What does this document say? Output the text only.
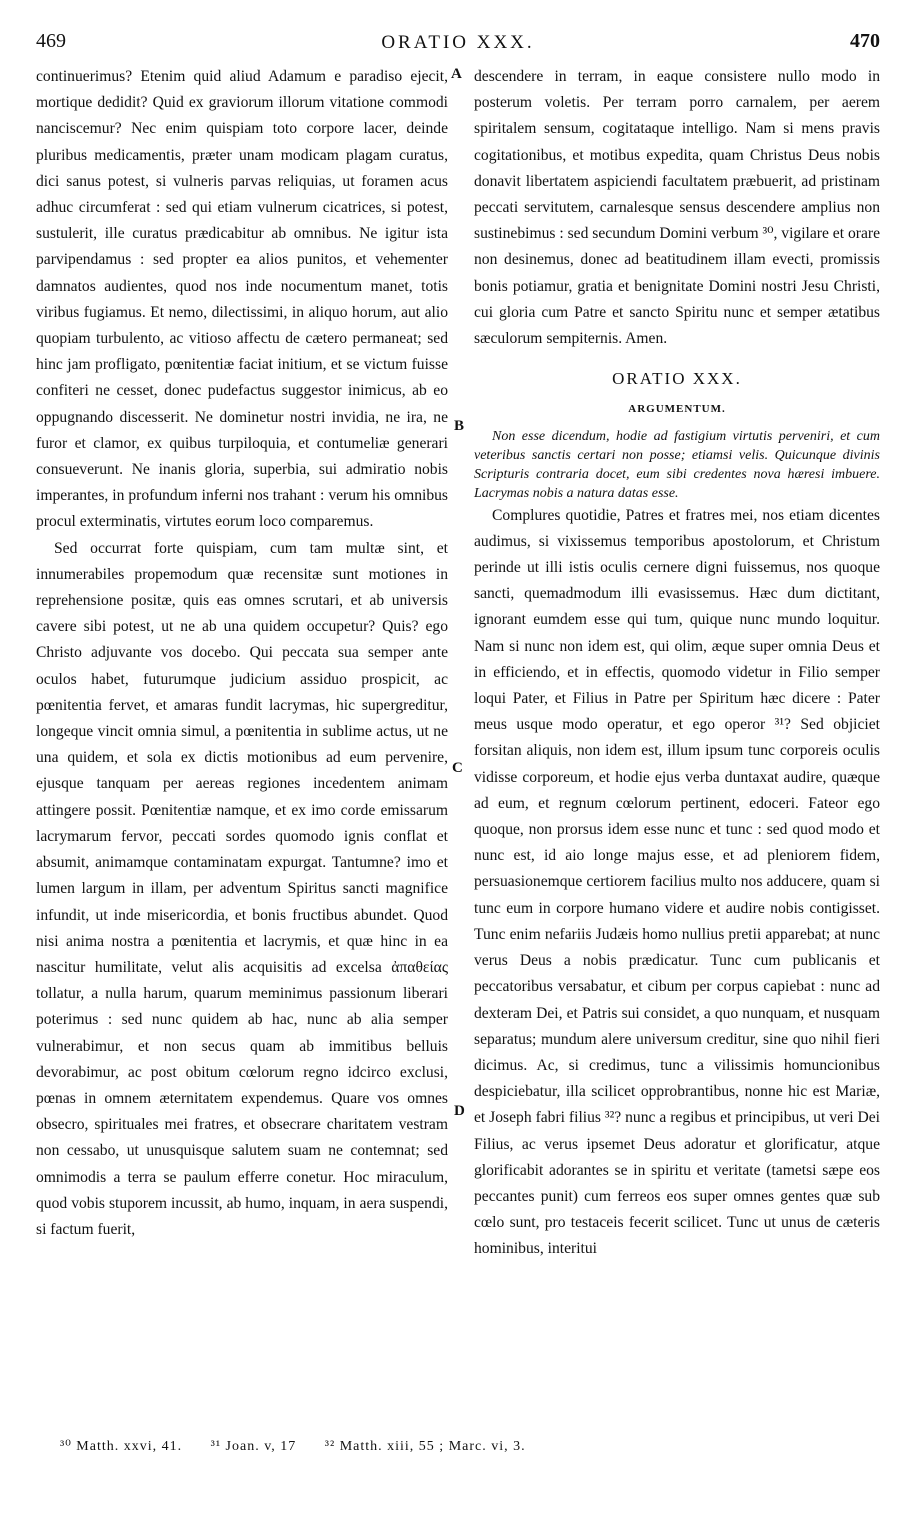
469	ORATIO XXX.	470

continuerimus? Etenim quid aliud Adamum e paradiso ejecit, mortique dedidit? Quid ex graviorum illorum vitatione commodi nanciscemur? Nec enim quispiam toto corpore lacer, deinde pluribus medicamentis, præter unam modicam plagam curatus, dici sanus potest, si vulneris parvas reliquias, ut foramen acus adhuc circumferat : sed qui etiam vulnerum cicatrices, si potest, sustulerit, ille curatus prædicabitur ab omnibus. Ne igitur ista parvipendamus : sed propter ea alios punitos, et vehementer damnatos audientes, quod nos inde nocumentum manet, totis viribus fugiamus. Et nemo, dilectissimi, in aliquo horum, aut alio quopiam turbulento, ac vitioso affectu de cætero permaneat; sed hinc jam profligato, pœnitentiæ faciat initium, et se victum fuisse confiteri ne cesset, donec pudefactus suggestor inimicus, ab eo oppugnando discesserit. Ne dominetur nostri invidia, ne ira, ne furor et clamor, ex quibus turpiloquia, et contumeliæ generari consueverunt. Ne inanis gloria, superbia, sui admiratio nobis imperantes, in profundum inferni nos trahant : verum his omnibus procul exterminatis, virtutes eorum loco comparemus.

Sed occurrat forte quispiam, cum tam multæ sint, et innumerabiles propemodum quæ recensitæ sunt motiones in reprehensione positæ, quis eas omnes scrutari, et ab universis cavere sibi potest, ut ne ab una quidem occupetur? Quis? ego Christo adjuvante vos docebo. Qui peccata sua semper ante oculos habet, futurumque judicium assiduo prospicit, ac pœnitentia fervet, et amaras fundit lacrymas, hic supergreditur, longeque vincit omnia simul, a pœnitentia in sublime actus, ut ne una quidem, et sola ex dictis motionibus ad eum pervenire, ejusque tanquam per aereas regiones incedentem animam attingere possit. Pœnitentiæ namque, et ex imo corde emissarum lacrymarum fervor, peccati sordes quomodo ignis conflat et absumit, animamque contaminatam expurgat. Tantumne? imo et lumen largum in illam, per adventum Spiritus sancti magnifice infundit, ut inde misericordia, et bonis fructibus abundet. Quod nisi anima nostra a pœnitentia et lacrymis, et quæ hinc in ea nascitur humilitate, velut alis acquisitis ad excelsa ἀπαθείας tollatur, a nulla harum, quarum meminimus passionum liberari poterimus : sed nunc quidem ab hac, nunc ab alia semper vulnerabimur, et non secus quam ab immitibus belluis devorabimur, ac post obitum cœlorum regno idcirco exclusi, pœnas in omnem æternitatem expendemus. Quare vos omnes obsecro, spirituales mei fratres, et obsecrare charitatem vestram non cessabo, ut unusquisque salutem suam ne contemnat; sed omnimodis a terra se paulum efferre conetur. Hoc miraculum, quod vobis stuporem incussit, ab humo, inquam, in aera suspendi, si factum fuerit,

A
B
C
D

descendere in terram, in eaque consistere nullo modo in posterum voletis. Per terram porro carnalem, per aerem spiritalem sensum, cogitataque intelligo. Nam si mens pravis cogitationibus, et motibus expedita, quam Christus Deus nobis donavit libertatem aspiciendi facultatem præbuerit, ad pristinam peccati servitutem, carnalesque sensus descendere amplius non sustinebimus : sed secundum Domini verbum ³⁰, vigilare et orare non desinemus, donec ad beatitudinem illam evecti, promissis bonis potiamur, gratia et benignitate Domini nostri Jesu Christi, cui gloria cum Patre et sancto Spiritu nunc et semper ætatibus sæculorum sempiternis. Amen.

ORATIO XXX.
ARGUMENTUM.

Non esse dicendum, hodie ad fastigium virtutis perveniri, et cum veteribus sanctis certari non posse; etiamsi velis. Quicunque divinis Scripturis contraria docet, eum sibi credentes nova hæresi imbuere. Lacrymas nobis a natura datas esse.

Complures quotidie, Patres et fratres mei, nos etiam dicentes audimus, si vixissemus temporibus apostolorum, et Christum perinde ut illi istis oculis cernere digni fuissemus, nos quoque sancti, quemadmodum illi evasissemus. Hæc dum dictitant, ignorant eumdem esse qui tum, quique nunc mundo loquitur. Nam si nunc non idem est, qui olim, æque super omnia Deus et in efficiendo, et in effectis, quomodo videtur in Filio semper loqui Pater, et Filius in Patre per Spiritum hæc dicere : Pater meus usque modo operatur, et ego operor ³¹? Sed objiciet forsitan aliquis, non idem est, illum ipsum tunc corporeis oculis vidisse corporeum, et hodie ejus verba duntaxat audire, quæque ad eum, et regnum cœlorum pertinent, edoceri. Fateor ego quoque, non prorsus idem esse nunc et tunc : sed quod modo et nunc est, id aio longe majus esse, et ad pleniorem fidem, persuasionemque certiorem facilius multo nos adducere, quam si tunc eum in corpore humano videre et audire nobis contigisset. Tunc enim nefariis Judæis homo nullius pretii apparebat; at nunc verus Deus a nobis prædicatur. Tunc cum publicanis et peccatoribus versabatur, et cibum per corpus capiebat : nunc ad dexteram Dei, et Patris sui considet, a quo nunquam, et nusquam separatus; mundum alere universum creditur, sine quo nihil fieri dicimus. Ac, si credimus, tunc a vilissimis homuncionibus despiciebatur, illa scilicet opprobrantibus, nonne hic est Mariæ, et Joseph fabri filius ³²? nunc a regibus et principibus, ut veri Dei Filius, ac verus ipsemet Deus adoratur et glorificatur, atque glorificabit adorantes se in spiritu et veritate (tametsi sæpe eos peccantes punit) cum ferreos eos super omnes gentes quæ sub cœlo sunt, pro testaceis fecerit scilicet. Tunc ut unus de cæteris hominibus, interitui

³⁰ Matth. xxvi, 41. ³¹ Joan. v, 17 ³² Matth. xiii, 55 ; Marc. vi, 3.
